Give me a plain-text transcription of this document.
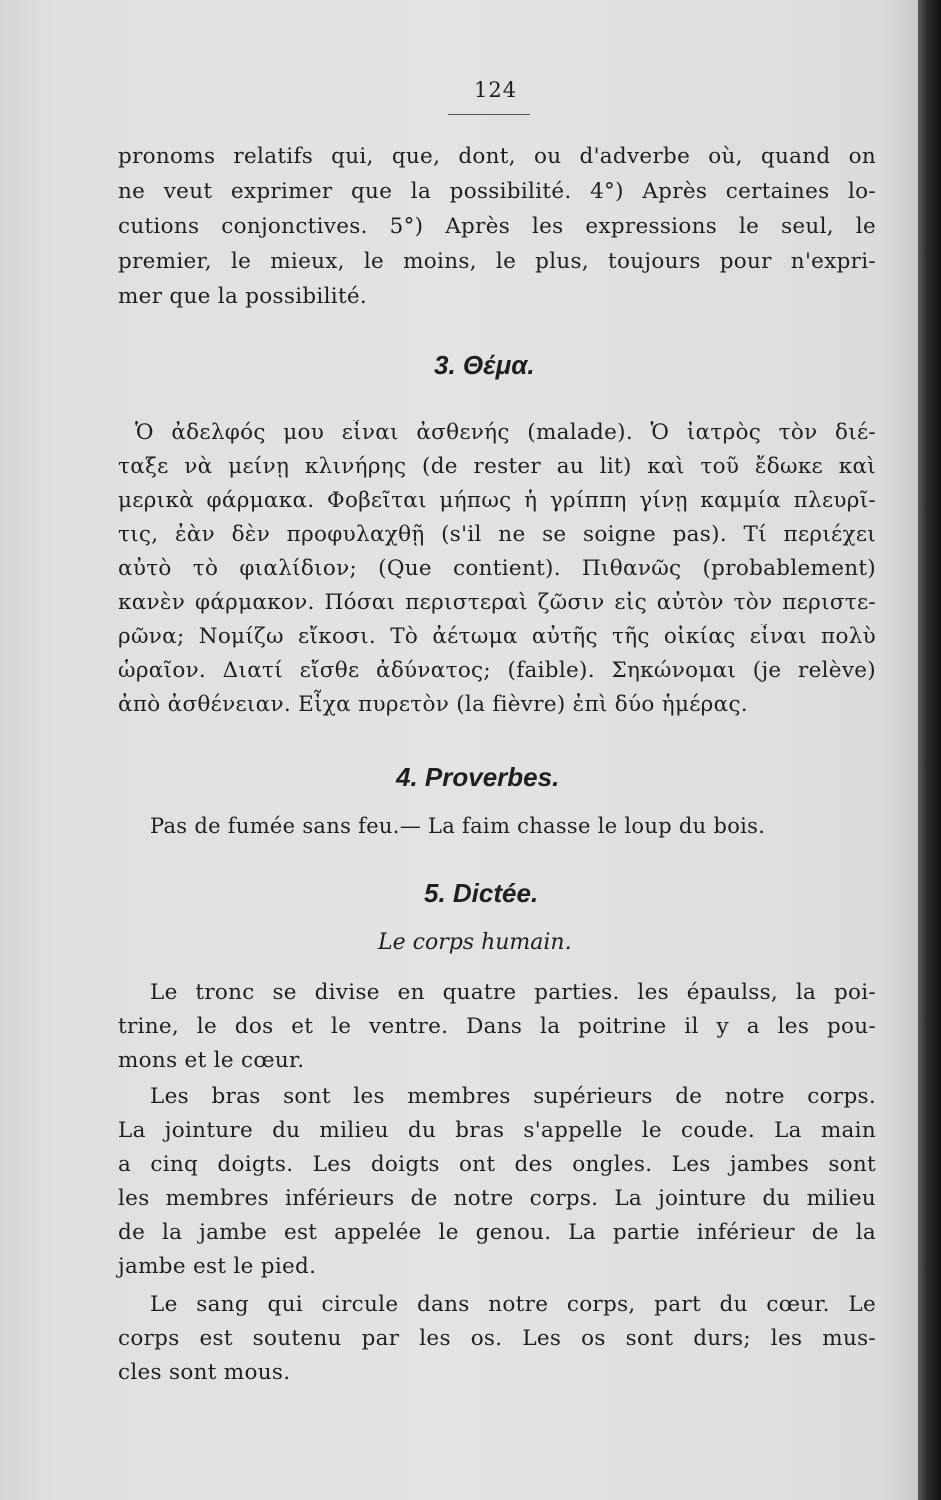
124
pronoms relatifs qui, que, dont, ou d'adverbe où, quand on
ne veut exprimer que la possibilité. 4°) Après certaines lo-
cutions conjonctives. 5°) Après les expressions le seul, le
premier, le mieux, le moins, le plus, toujours pour n'expri-
mer que la possibilité.
3. Θέμα.
Ὁ ἀδελφός μου εἶναι ἀσθενής (malade). Ὁ ἰατρὸς τὸν διέ-
ταξε νὰ μείνῃ κλινήρης (de rester au lit) καὶ τοῦ ἔδωκε καὶ
μερικὰ φάρμακα. Φοβεῖται μήπως ἡ γρίππη γίνῃ καμμία πλευρῖ-
τις, ἐὰν δὲν προφυλαχθῇ (s'il ne se soigne pas). Τί περιέχει
αὐτὸ τὸ φιαλίδιον; (Que contient). Πιθανῶς (probablement)
κανὲν φάρμακον. Πόσαι περιστεραὶ ζῶσιν εἰς αὐτὸν τὸν περιστε-
ρῶνα; Νομίζω εἴκοσι. Τὸ ἀέτωμα αὐτῆς τῆς οἰκίας εἶναι πολὺ
ὡραῖον. Διατί εἴσθε ἀδύνατος; (faible). Σηκώνομαι (je relève)
ἀπὸ ἀσθένειαν. Εἶχα πυρετὸν (la fièvre) ἐπὶ δύο ἡμέρας.
4. Proverbes.
Pas de fumée sans feu.— La faim chasse le loup du bois.
5. Dictée.
Le corps humain.
Le tronc se divise en quatre parties. les épaulss, la poi-
trine, le dos et le ventre. Dans la poitrine il y a les pou-
mons et le cœur.
Les bras sont les membres supérieurs de notre corps.
La jointure du milieu du bras s'appelle le coude. La main
a cinq doigts. Les doigts ont des ongles. Les jambes sont
les membres inférieurs de notre corps. La jointure du milieu
de la jambe est appelée le genou. La partie inférieur de la
jambe est le pied.
Le sang qui circule dans notre corps, part du cœur. Le
corps est soutenu par les os. Les os sont durs; les mus-
cles sont mous.
